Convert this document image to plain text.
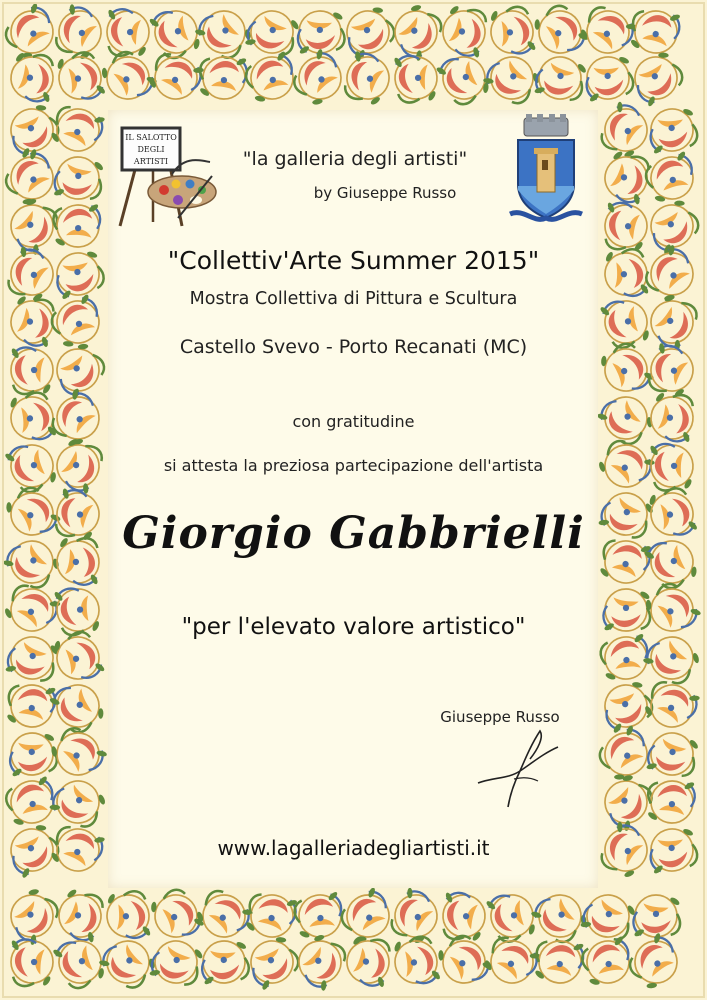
IL SALOTTO
DEGLI
ARTISTI	"la galleria degli artisti"
by Giuseppe Russo
"Collettiv'Arte Summer 2015"
Mostra Collettiva di Pittura e Scultura
Castello Svevo - Porto Recanati (MC)
con gratitudine
si attesta la preziosa partecipazione dell'artista
Giorgio Gabbrielli
"per l'elevato valore artistico"
Giuseppe Russo
www.lagalleriadegliartisti.it
